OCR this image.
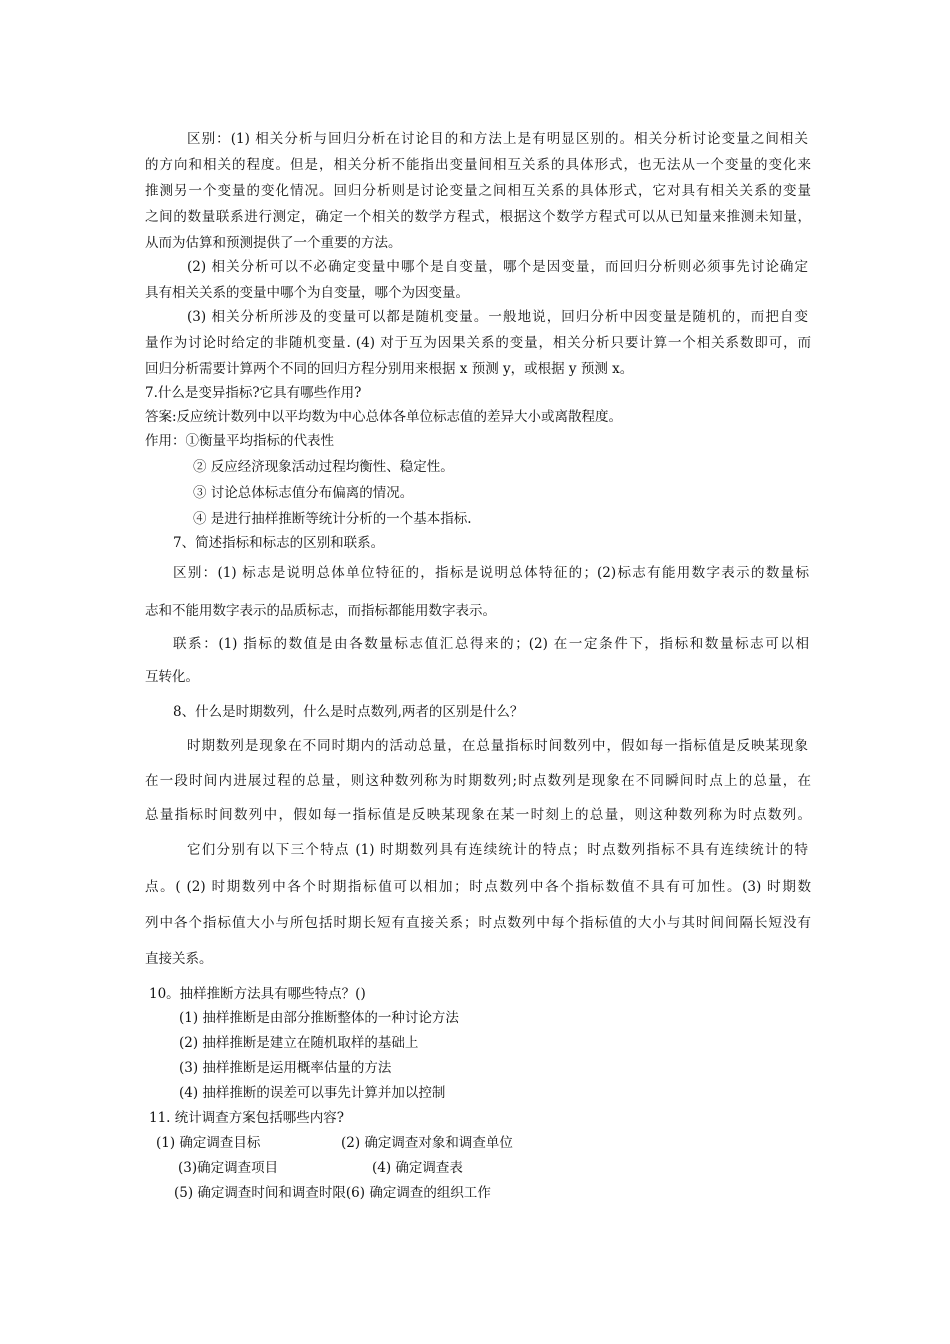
区别：(1) 相关分析与回归分析在讨论目的和方法上是有明显区别的。相关分析讨论变量之间相关
的方向和相关的程度。但是，相关分析不能指出变量间相互关系的具体形式，也无法从一个变量的变化来
推测另一个变量的变化情况。回归分析则是讨论变量之间相互关系的具体形式，它对具有相关关系的变量
之间的数量联系进行测定，确定一个相关的数学方程式，根据这个数学方程式可以从已知量来推测未知量，
从而为估算和预测提供了一个重要的方法。
(2) 相关分析可以不必确定变量中哪个是自变量，哪个是因变量，而回归分析则必须事先讨论确定
具有相关关系的变量中哪个为自变量，哪个为因变量。
(3) 相关分析所涉及的变量可以都是随机变量。一般地说，回归分析中因变量是随机的，而把自变
量作为讨论时给定的非随机变量. (4) 对于互为因果关系的变量，相关分析只要计算一个相关系数即可，而
回归分析需要计算两个不同的回归方程分别用来根据 x 预测 y，或根据 y 预测 x。
7.什么是变异指标?它具有哪些作用?
答案:反应统计数列中以平均数为中心总体各单位标志值的差异大小或离散程度。
作用：①衡量平均指标的代表性
② 反应经济现象活动过程均衡性、稳定性。
③ 讨论总体标志值分布偏离的情况。
④ 是进行抽样推断等统计分析的一个基本指标.
7、简述指标和标志的区别和联系。
区别：(1) 标志是说明总体单位特征的，指标是说明总体特征的；(2)标志有能用数字表示的数量标
志和不能用数字表示的品质标志，而指标都能用数字表示。
联系：(1) 指标的数值是由各数量标志值汇总得来的；(2) 在一定条件下，指标和数量标志可以相
互转化。
8、什么是时期数列，什么是时点数列,两者的区别是什么？
时期数列是现象在不同时期内的活动总量，在总量指标时间数列中，假如每一指标值是反映某现象
在一段时间内进展过程的总量，则这种数列称为时期数列;时点数列是现象在不同瞬间时点上的总量，在
总量指标时间数列中，假如每一指标值是反映某现象在某一时刻上的总量，则这种数列称为时点数列。
它们分别有以下三个特点 (1) 时期数列具有连续统计的特点；时点数列指标不具有连续统计的特
点。( (2) 时期数列中各个时期指标值可以相加；时点数列中各个指标数值不具有可加性。(3) 时期数
列中各个指标值大小与所包括时期长短有直接关系；时点数列中每个指标值的大小与其时间间隔长短没有
直接关系。
10。抽样推断方法具有哪些特点？()
(1) 抽样推断是由部分推断整体的一种讨论方法
(2) 抽样推断是建立在随机取样的基础上
(3) 抽样推断是运用概率估量的方法
(4) 抽样推断的误差可以事先计算并加以控制
11. 统计调查方案包括哪些内容?
(1) 确定调查目标	(2) 确定调查对象和调查单位
(3)确定调查项目	(4) 确定调查表
(5) 确定调查时间和调查时限(6) 确定调查的组织工作
